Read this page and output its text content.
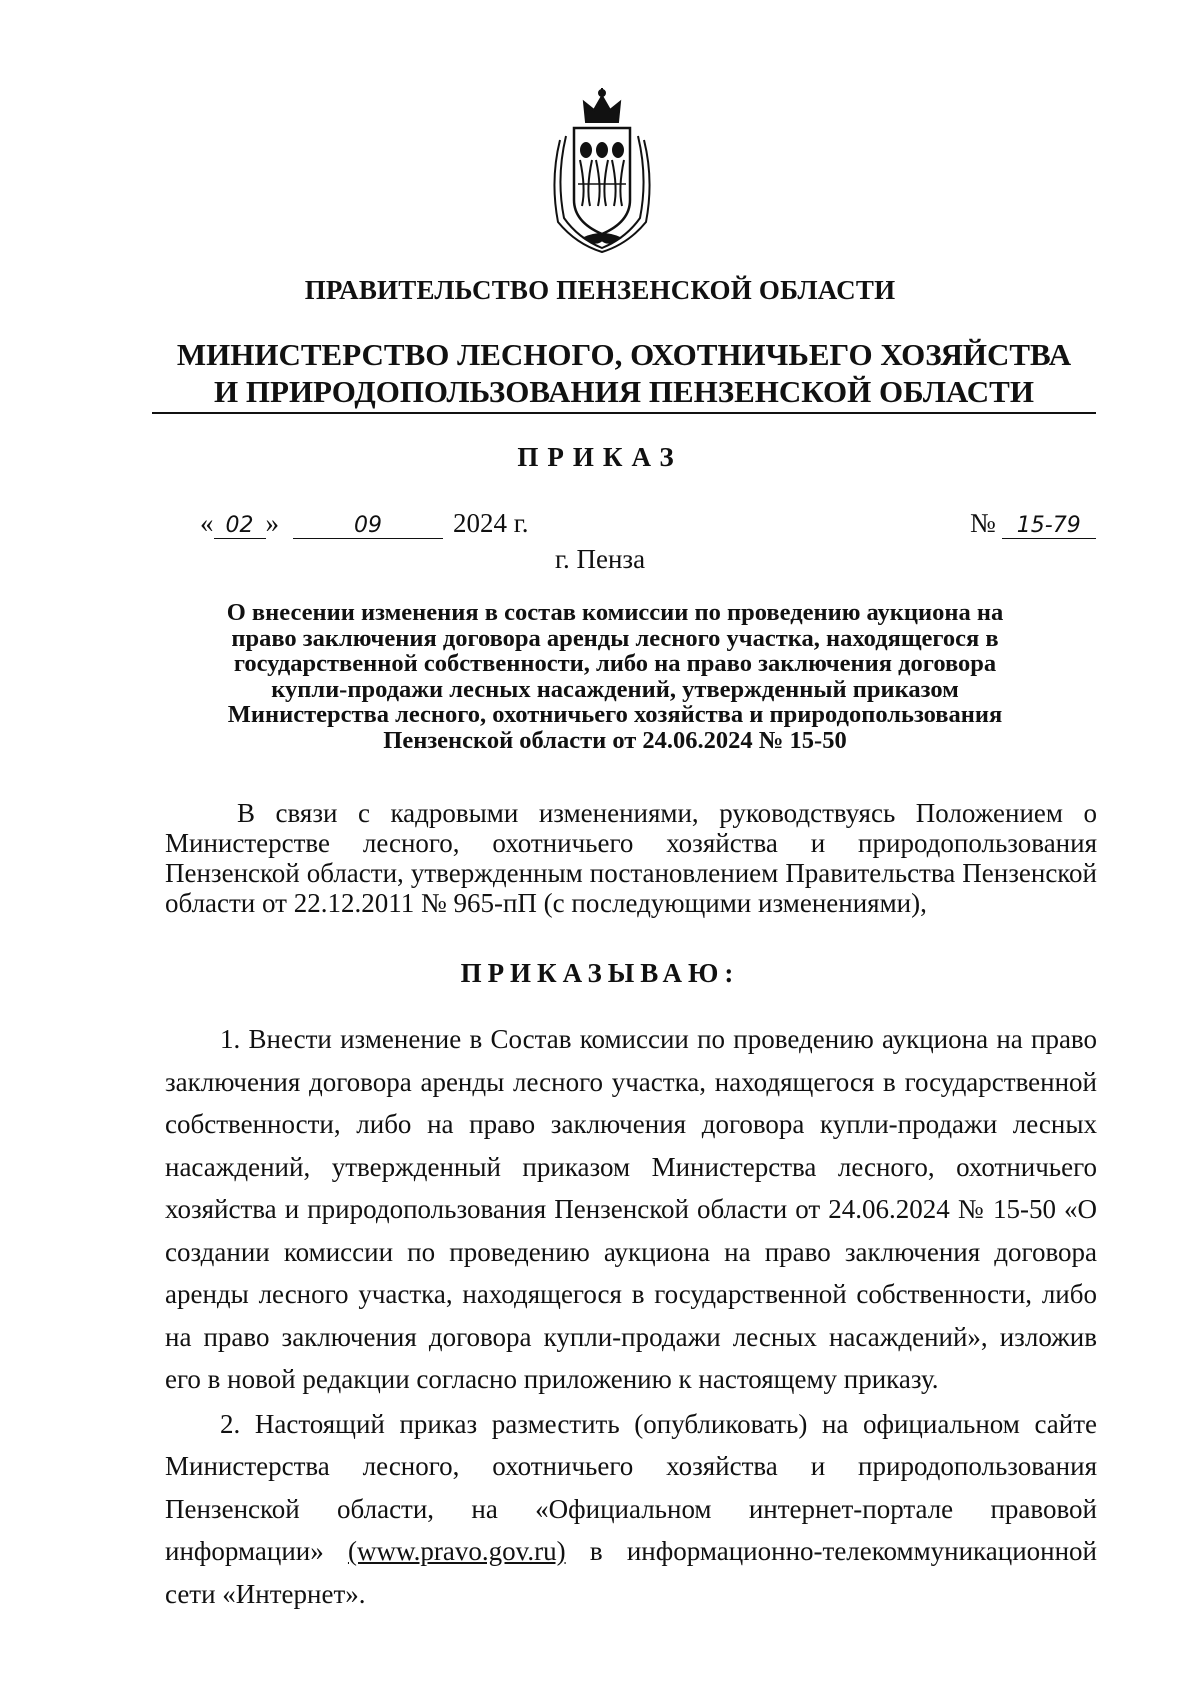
ПРАВИТЕЛЬСТВО ПЕНЗЕНСКОЙ ОБЛАСТИ
МИНИСТЕРСТВО ЛЕСНОГО, ОХОТНИЧЬЕГО ХОЗЯЙСТВА
И ПРИРОДОПОЛЬЗОВАНИЯ ПЕНЗЕНСКОЙ ОБЛАСТИ
ПРИКАЗ
« 02 »	09	2024 г.	№ 15-79
г. Пенза
О внесении изменения в состав комиссии по проведению аукциона на право заключения договора аренды лесного участка, находящегося в государственной собственности, либо на право заключения договора купли-продажи лесных насаждений, утвержденный приказом Министерства лесного, охотничьего хозяйства и природопользования Пензенской области от 24.06.2024 № 15-50
В связи с кадровыми изменениями, руководствуясь Положением о Министерстве лесного, охотничьего хозяйства и природопользования Пензенской области, утвержденным постановлением Правительства Пензенской области от 22.12.2011 № 965-пП (с последующими изменениями),
ПРИКАЗЫВАЮ:

1. Внести изменение в Состав комиссии по проведению аукциона на право заключения договора аренды лесного участка, находящегося в государственной собственности, либо на право заключения договора купли-продажи лесных насаждений, утвержденный приказом Министерства лесного, охотничьего хозяйства и природопользования Пензенской области от 24.06.2024 № 15-50 «О создании комиссии по проведению аукциона на право заключения договора аренды лесного участка, находящегося в государственной собственности, либо на право заключения договора купли-продажи лесных насаждений», изложив его в новой редакции согласно приложению к настоящему приказу.

2. Настоящий приказ разместить (опубликовать) на официальном сайте Министерства лесного, охотничьего хозяйства и природопользования Пензенской области, на «Официальном интернет-портале правовой информации» (www.pravo.gov.ru) в информационно-телекоммуникационной сети «Интернет».
